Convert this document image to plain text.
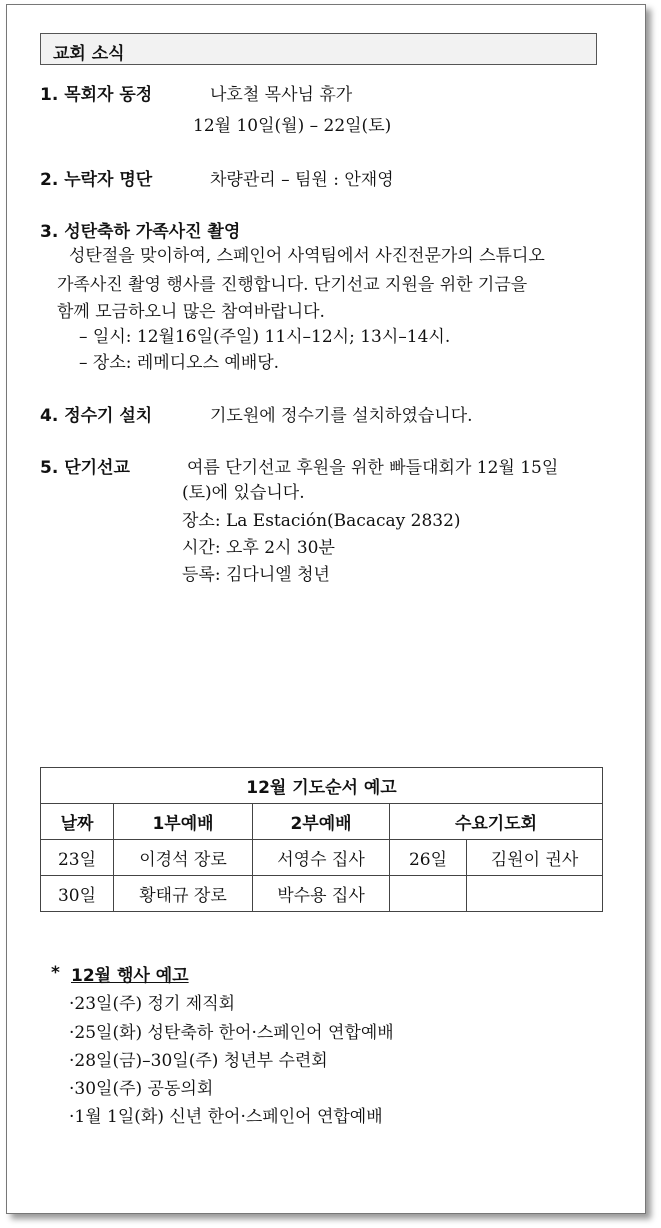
교회 소식
1. 목회자 동정	나호철 목사님 휴가
12월 10일(월) – 22일(토)
2. 누락자 명단	차량관리 – 팀원 : 안재영
3. 성탄축하 가족사진 촬영
성탄절을 맞이하여, 스페인어 사역팀에서 사진전문가의 스튜디오
가족사진 촬영 행사를 진행합니다. 단기선교 지원을 위한 기금을
함께 모금하오니 많은 참여바랍니다.
– 일시: 12월16일(주일) 11시–12시; 13시–14시.
– 장소: 레메디오스 예배당.
4. 정수기 설치	기도원에 정수기를 설치하였습니다.
5. 단기선교	여름 단기선교 후원을 위한 빠들대회가 12월 15일
(토)에 있습니다.
장소: La Estación(Bacacay 2832)
시간: 오후 2시 30분
등록: 김다니엘 청년
12월 기도순서 예고				
날짜	1부예배	2부예배	수요기도회	
23일	이경석 장로	서영수 집사	26일	김원이 권사
30일	황태규 장로	박수용 집사		
* 12월 행사 예고
·23일(주) 정기 제직회
·25일(화) 성탄축하 한어·스페인어 연합예배
·28일(금)–30일(주) 청년부 수련회
·30일(주) 공동의회
·1월 1일(화) 신년 한어·스페인어 연합예배
